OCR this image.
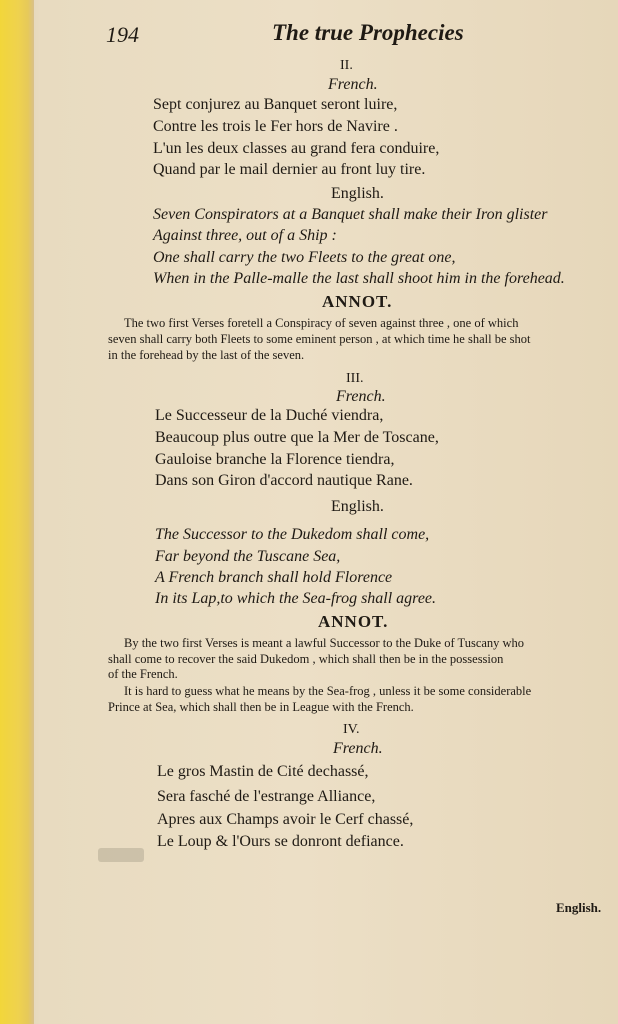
194	The true Prophecies
II.
French.
Sept conjurez au Banquet seront luire,
Contre les trois le Fer hors de Navire .
L'un les deux classes au grand fera conduire,
Quand par le mail dernier au front luy tire.
English.
Seven Conspirators at a Banquet shall make their Iron glister
Against three, out of a Ship :
One shall carry the two Fleets to the great one,
When in the Palle-malle the last shall shoot him in the forehead.
ANNOT.
The two first Verses foretell a Conspiracy of seven against three , one of which
seven shall carry both Fleets to some eminent person , at which time he shall be shot
in the forehead by the last of the seven.
III.
French.
Le Successeur de la Duché viendra,
Beaucoup plus outre que la Mer de Toscane,
Gauloise branche la Florence tiendra,
Dans son Giron d'accord nautique Rane.
English.
The Successor to the Dukedom shall come,
Far beyond the Tuscane Sea,
A French branch shall hold Florence
In its Lap,to which the Sea-frog shall agree.
ANNOT.
By the two first Verses is meant a lawful Successor to the Duke of Tuscany who
shall come to recover the said Dukedom , which shall then be in the possession
of the French.
It is hard to guess what he means by the Sea-frog , unless it be some considerable
Prince at Sea, which shall then be in League with the French.
IV.
French.
Le gros Mastin de Cité dechassé,
Sera fasché de l'estrange Alliance,
Apres aux Champs avoir le Cerf chassé,
Le Loup & l'Ours se donront defiance.
English.
